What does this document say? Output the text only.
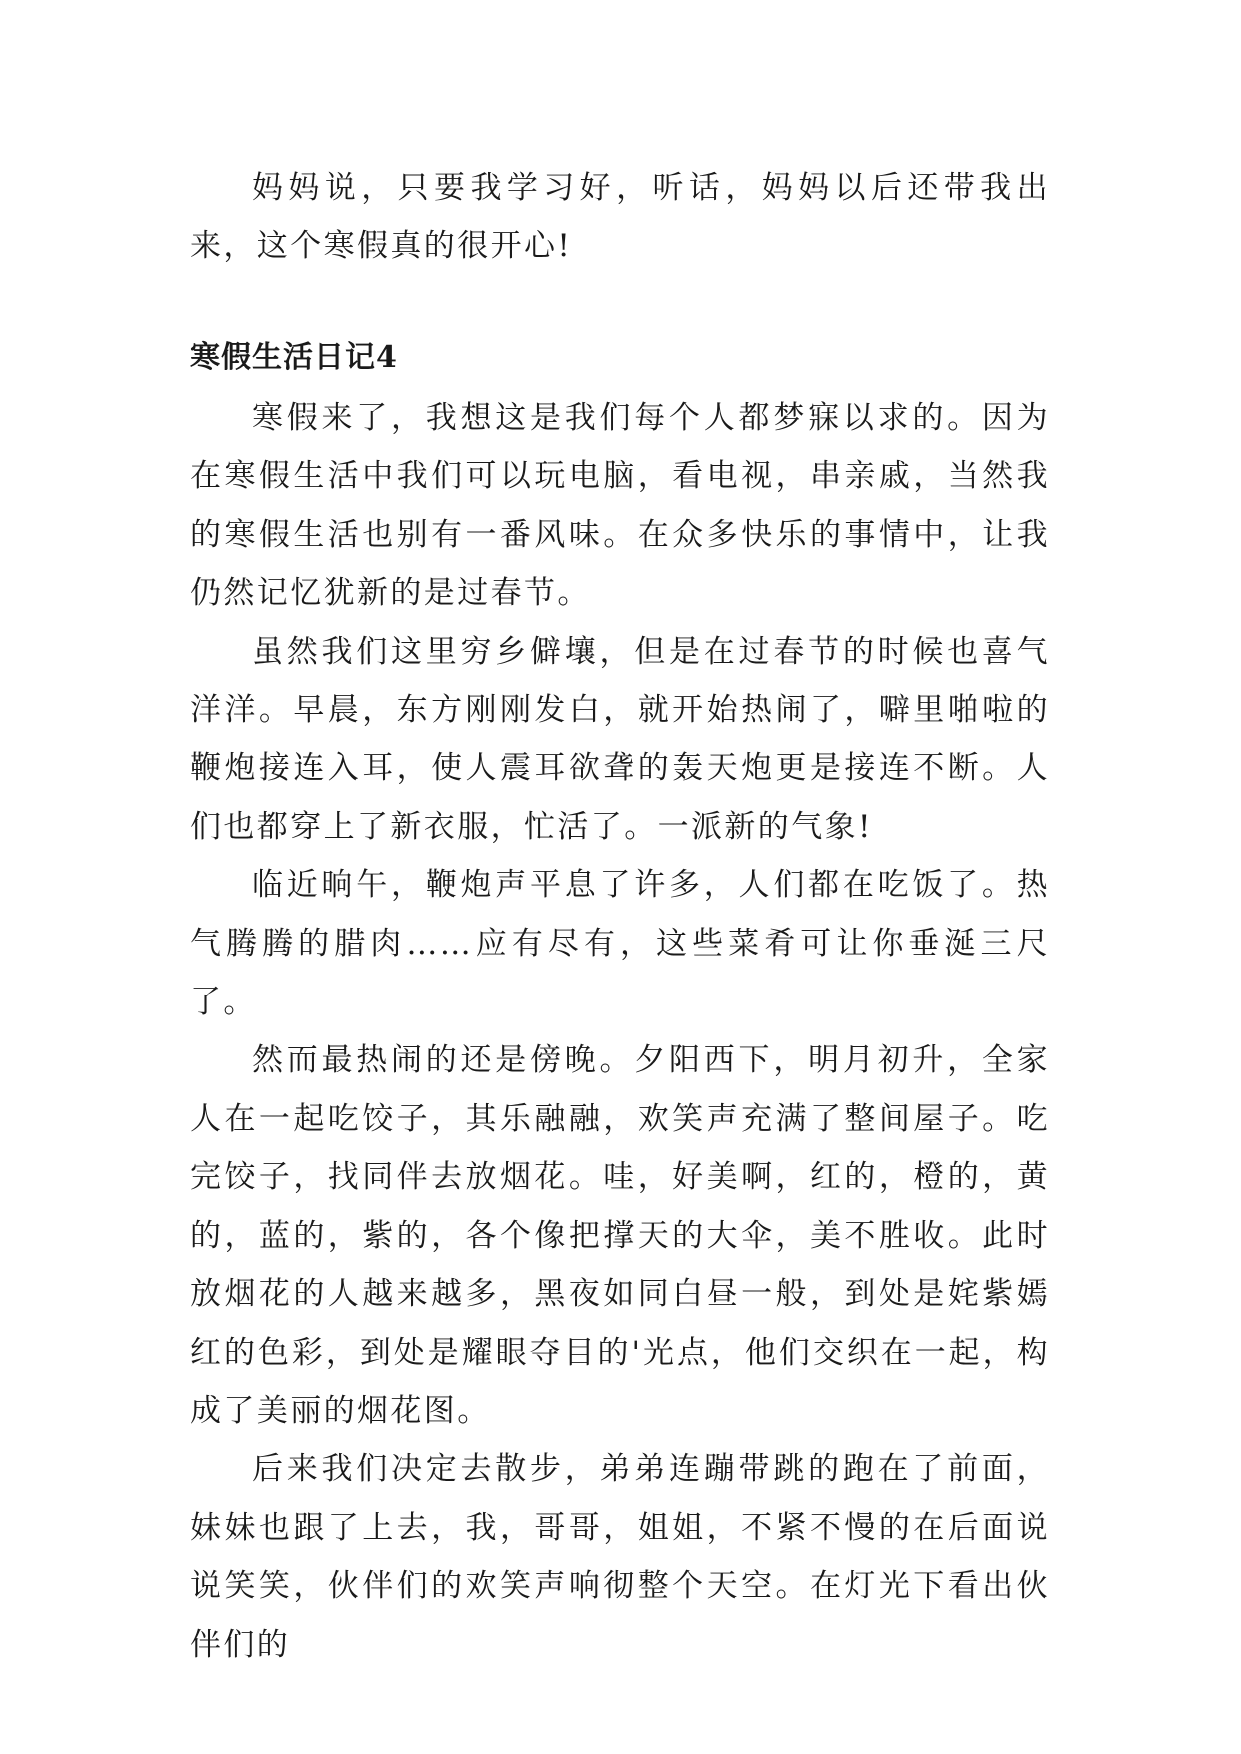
妈妈说，只要我学习好，听话，妈妈以后还带我出来，这个寒假真的很开心!

寒假生活日记4

寒假来了，我想这是我们每个人都梦寐以求的。因为在寒假生活中我们可以玩电脑，看电视，串亲戚，当然我的寒假生活也别有一番风味。在众多快乐的事情中，让我仍然记忆犹新的是过春节。

虽然我们这里穷乡僻壤，但是在过春节的时候也喜气洋洋。早晨，东方刚刚发白，就开始热闹了，噼里啪啦的鞭炮接连入耳，使人震耳欲聋的轰天炮更是接连不断。人们也都穿上了新衣服，忙活了。一派新的气象!

临近晌午，鞭炮声平息了许多，人们都在吃饭了。热气腾腾的腊肉……应有尽有，这些菜肴可让你垂涎三尺了。

然而最热闹的还是傍晚。夕阳西下，明月初升，全家人在一起吃饺子，其乐融融，欢笑声充满了整间屋子。吃完饺子，找同伴去放烟花。哇，好美啊，红的，橙的，黄的，蓝的，紫的，各个像把撑天的大伞，美不胜收。此时放烟花的人越来越多，黑夜如同白昼一般，到处是姹紫嫣红的色彩，到处是耀眼夺目的'光点，他们交织在一起，构成了美丽的烟花图。

后来我们决定去散步，弟弟连蹦带跳的跑在了前面，妹妹也跟了上去，我，哥哥，姐姐，不紧不慢的在后面说说笑笑，伙伴们的欢笑声响彻整个天空。在灯光下看出伙伴们的
